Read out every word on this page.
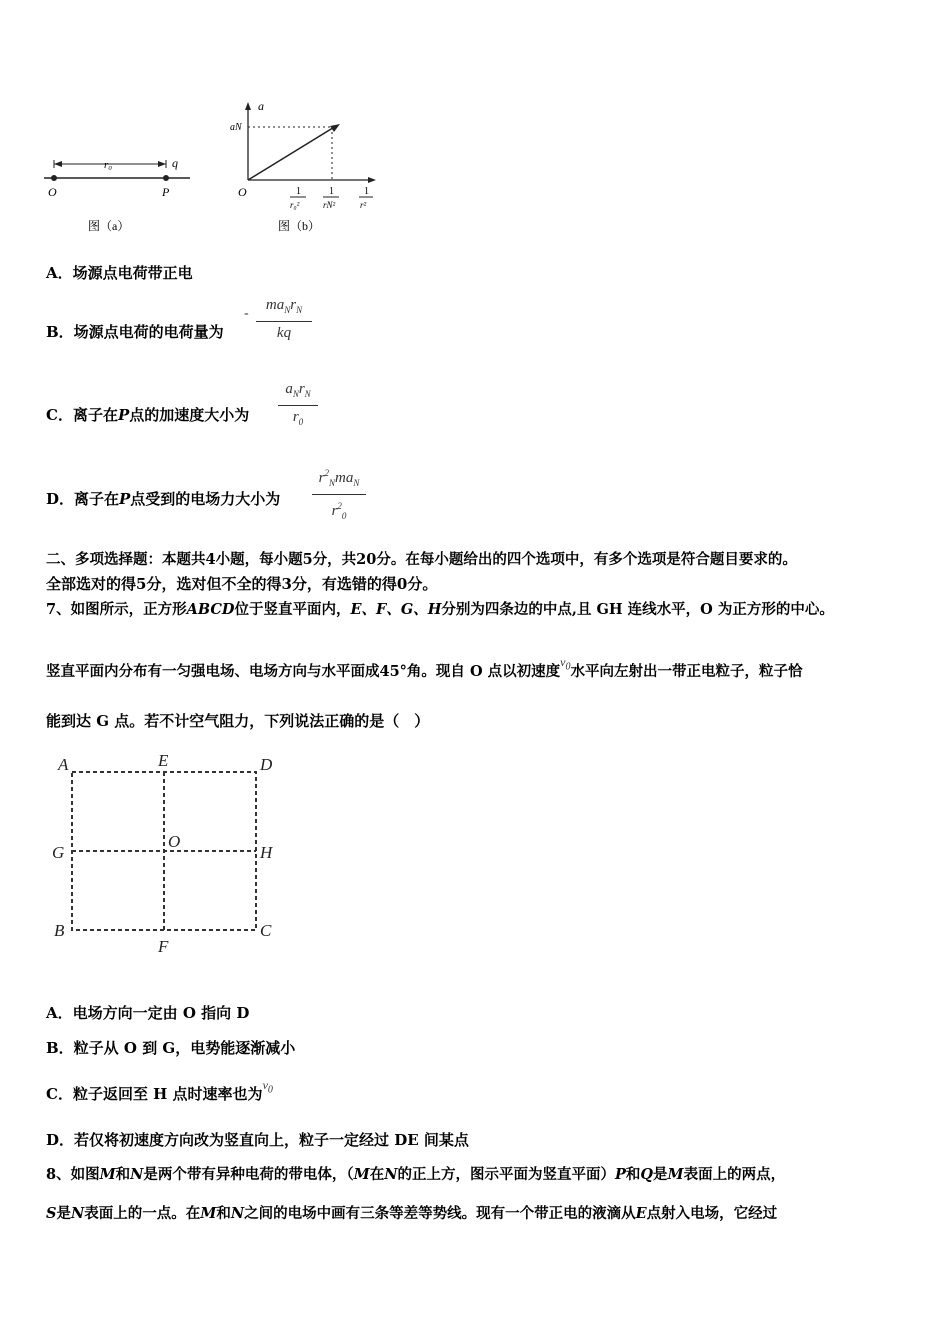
r₀	q
O	P
图（a）
a
aN
O	1
r₀²
1
rN²
1
r²
图（b）
A．场源点电荷带正电
B．场源点电荷的电荷量为
-
$ma_Nr_N$
kq
C．离子在P点的加速度大小为
$a_Nr_N$
$r_0$
D．离子在P点受到的电场力大小为
$r^2_Nma_N$
$r^2_0$
二、多项选择题：本题共4小题，每小题5分，共20分。在每小题给出的四个选项中，有多个选项是符合题目要求的。
全部选对的得5分，选对但不全的得3分，有选错的得0分。
7、如图所示，正方形ABCD位于竖直平面内，E、F、G、H分别为四条边的中点,且 GH 连线水平，O 为正方形的中心。
竖直平面内分布有一匀强电场、电场方向与水平面成45°角。现自 O 点以初速度$^{v_0}$水平向左射出一带正电粒子，粒子恰
能到达 G 点。若不计空气阻力，下列说法正确的是（　）
A	E	D
G
O
H
B
F
C
A．电场方向一定由 O 指向 D
B．粒子从 O 到 G，电势能逐渐减小
C．粒子返回至 H 点时速率也为$^{v_0}$
D．若仅将初速度方向改为竖直向上，粒子一定经过 DE 间某点
8、如图M和N是两个带有异种电荷的带电体，（M在N的正上方，图示平面为竖直平面）P和Q是M表面上的两点，
S是N表面上的一点。在M和N之间的电场中画有三条等差等势线。现有一个带正电的液滴从E点射入电场，它经过
